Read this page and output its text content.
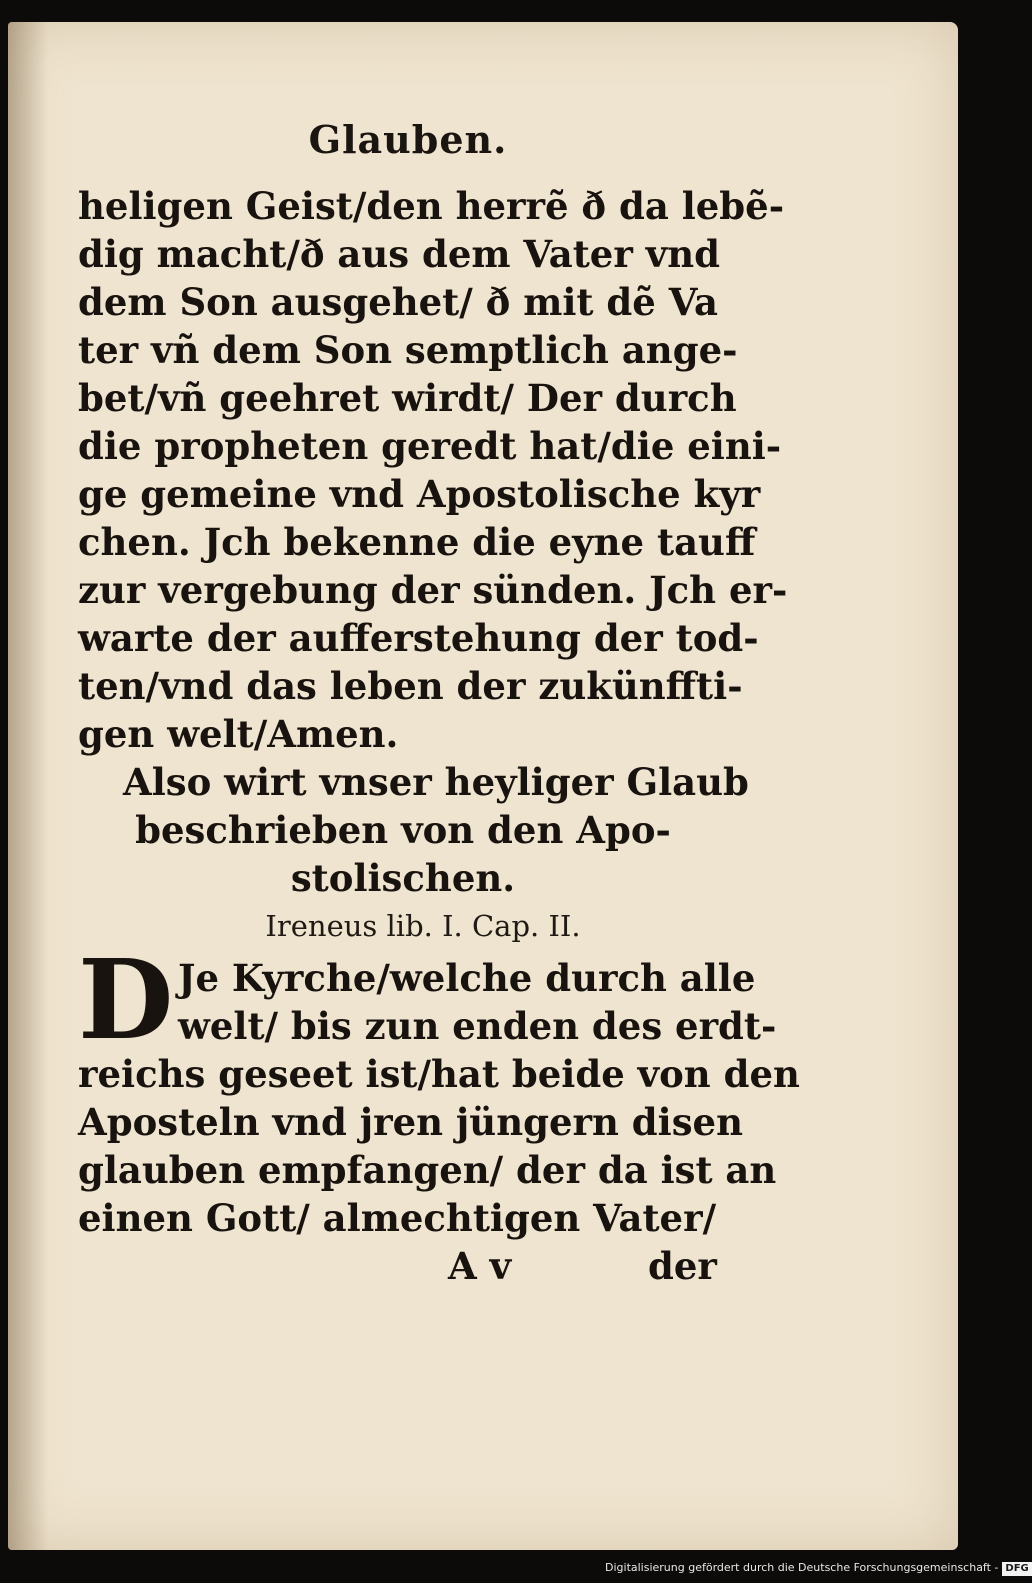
Glauben.
heligen Geist/den herrẽ ð da lebẽ-
dig macht/ð aus dem Vater vnd
dem Son ausgehet/ ð mit dẽ Va
ter vñ dem Son semptlich ange-
bet/vñ geehret wirdt/ Der durch
die propheten geredt hat/die eini-
ge gemeine vnd Apostolische kyr
chen. Jch bekenne die eyne tauff
zur vergebung der sünden. Jch er-
warte der aufferstehung der tod-
ten/vnd das leben der zukünffti-
gen welt/Amen.
Also wirt vnser heyliger Glaub
beschrieben von den Apo-
stolischen.
Ireneus lib. I. Cap. II.
D Je Kyrche/welche durch alle
welt/ bis zun enden des erdt-
reichs geseet ist/hat beide von den
Aposteln vnd jren jüngern disen
glauben empfangen/ der da ist an
einen Gott/ almechtigen Vater/
A v	der
Digitalisierung gefördert durch die Deutsche Forschungsgemeinschaft - DFG
